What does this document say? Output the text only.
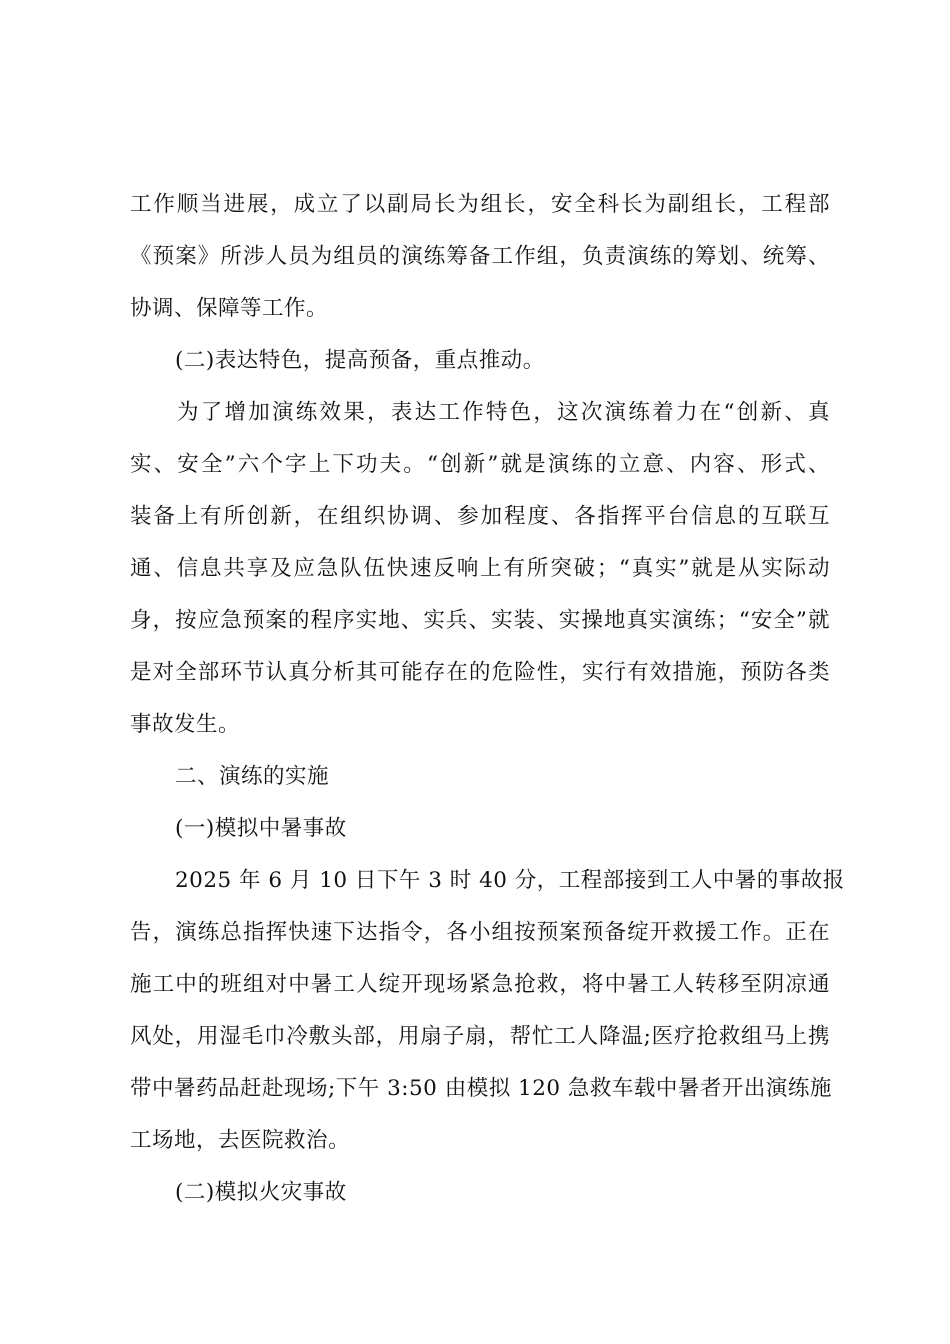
工作顺当进展，成立了以副局长为组长，安全科长为副组长，工程部
《预案》所涉人员为组员的演练筹备工作组，负责演练的筹划、统筹、
协调、保障等工作。
(二)表达特色，提高预备，重点推动。
为了增加演练效果，表达工作特色，这次演练着力在“创新、真
实、安全”六个字上下功夫。“创新”就是演练的立意、内容、形式、
装备上有所创新，在组织协调、参加程度、各指挥平台信息的互联互
通、信息共享及应急队伍快速反响上有所突破；“真实”就是从实际动
身，按应急预案的程序实地、实兵、实装、实操地真实演练；“安全”就
是对全部环节认真分析其可能存在的危险性，实行有效措施，预防各类
事故发生。
二、演练的实施
(一)模拟中暑事故
2025 年 6 月 10 日下午 3 时 40 分，工程部接到工人中暑的事故报
告，演练总指挥快速下达指令，各小组按预案预备绽开救援工作。正在
施工中的班组对中暑工人绽开现场紧急抢救，将中暑工人转移至阴凉通
风处，用湿毛巾冷敷头部，用扇子扇，帮忙工人降温;医疗抢救组马上携
带中暑药品赶赴现场;下午 3:50 由模拟 120 急救车载中暑者开出演练施
工场地，去医院救治。
(二)模拟火灾事故
